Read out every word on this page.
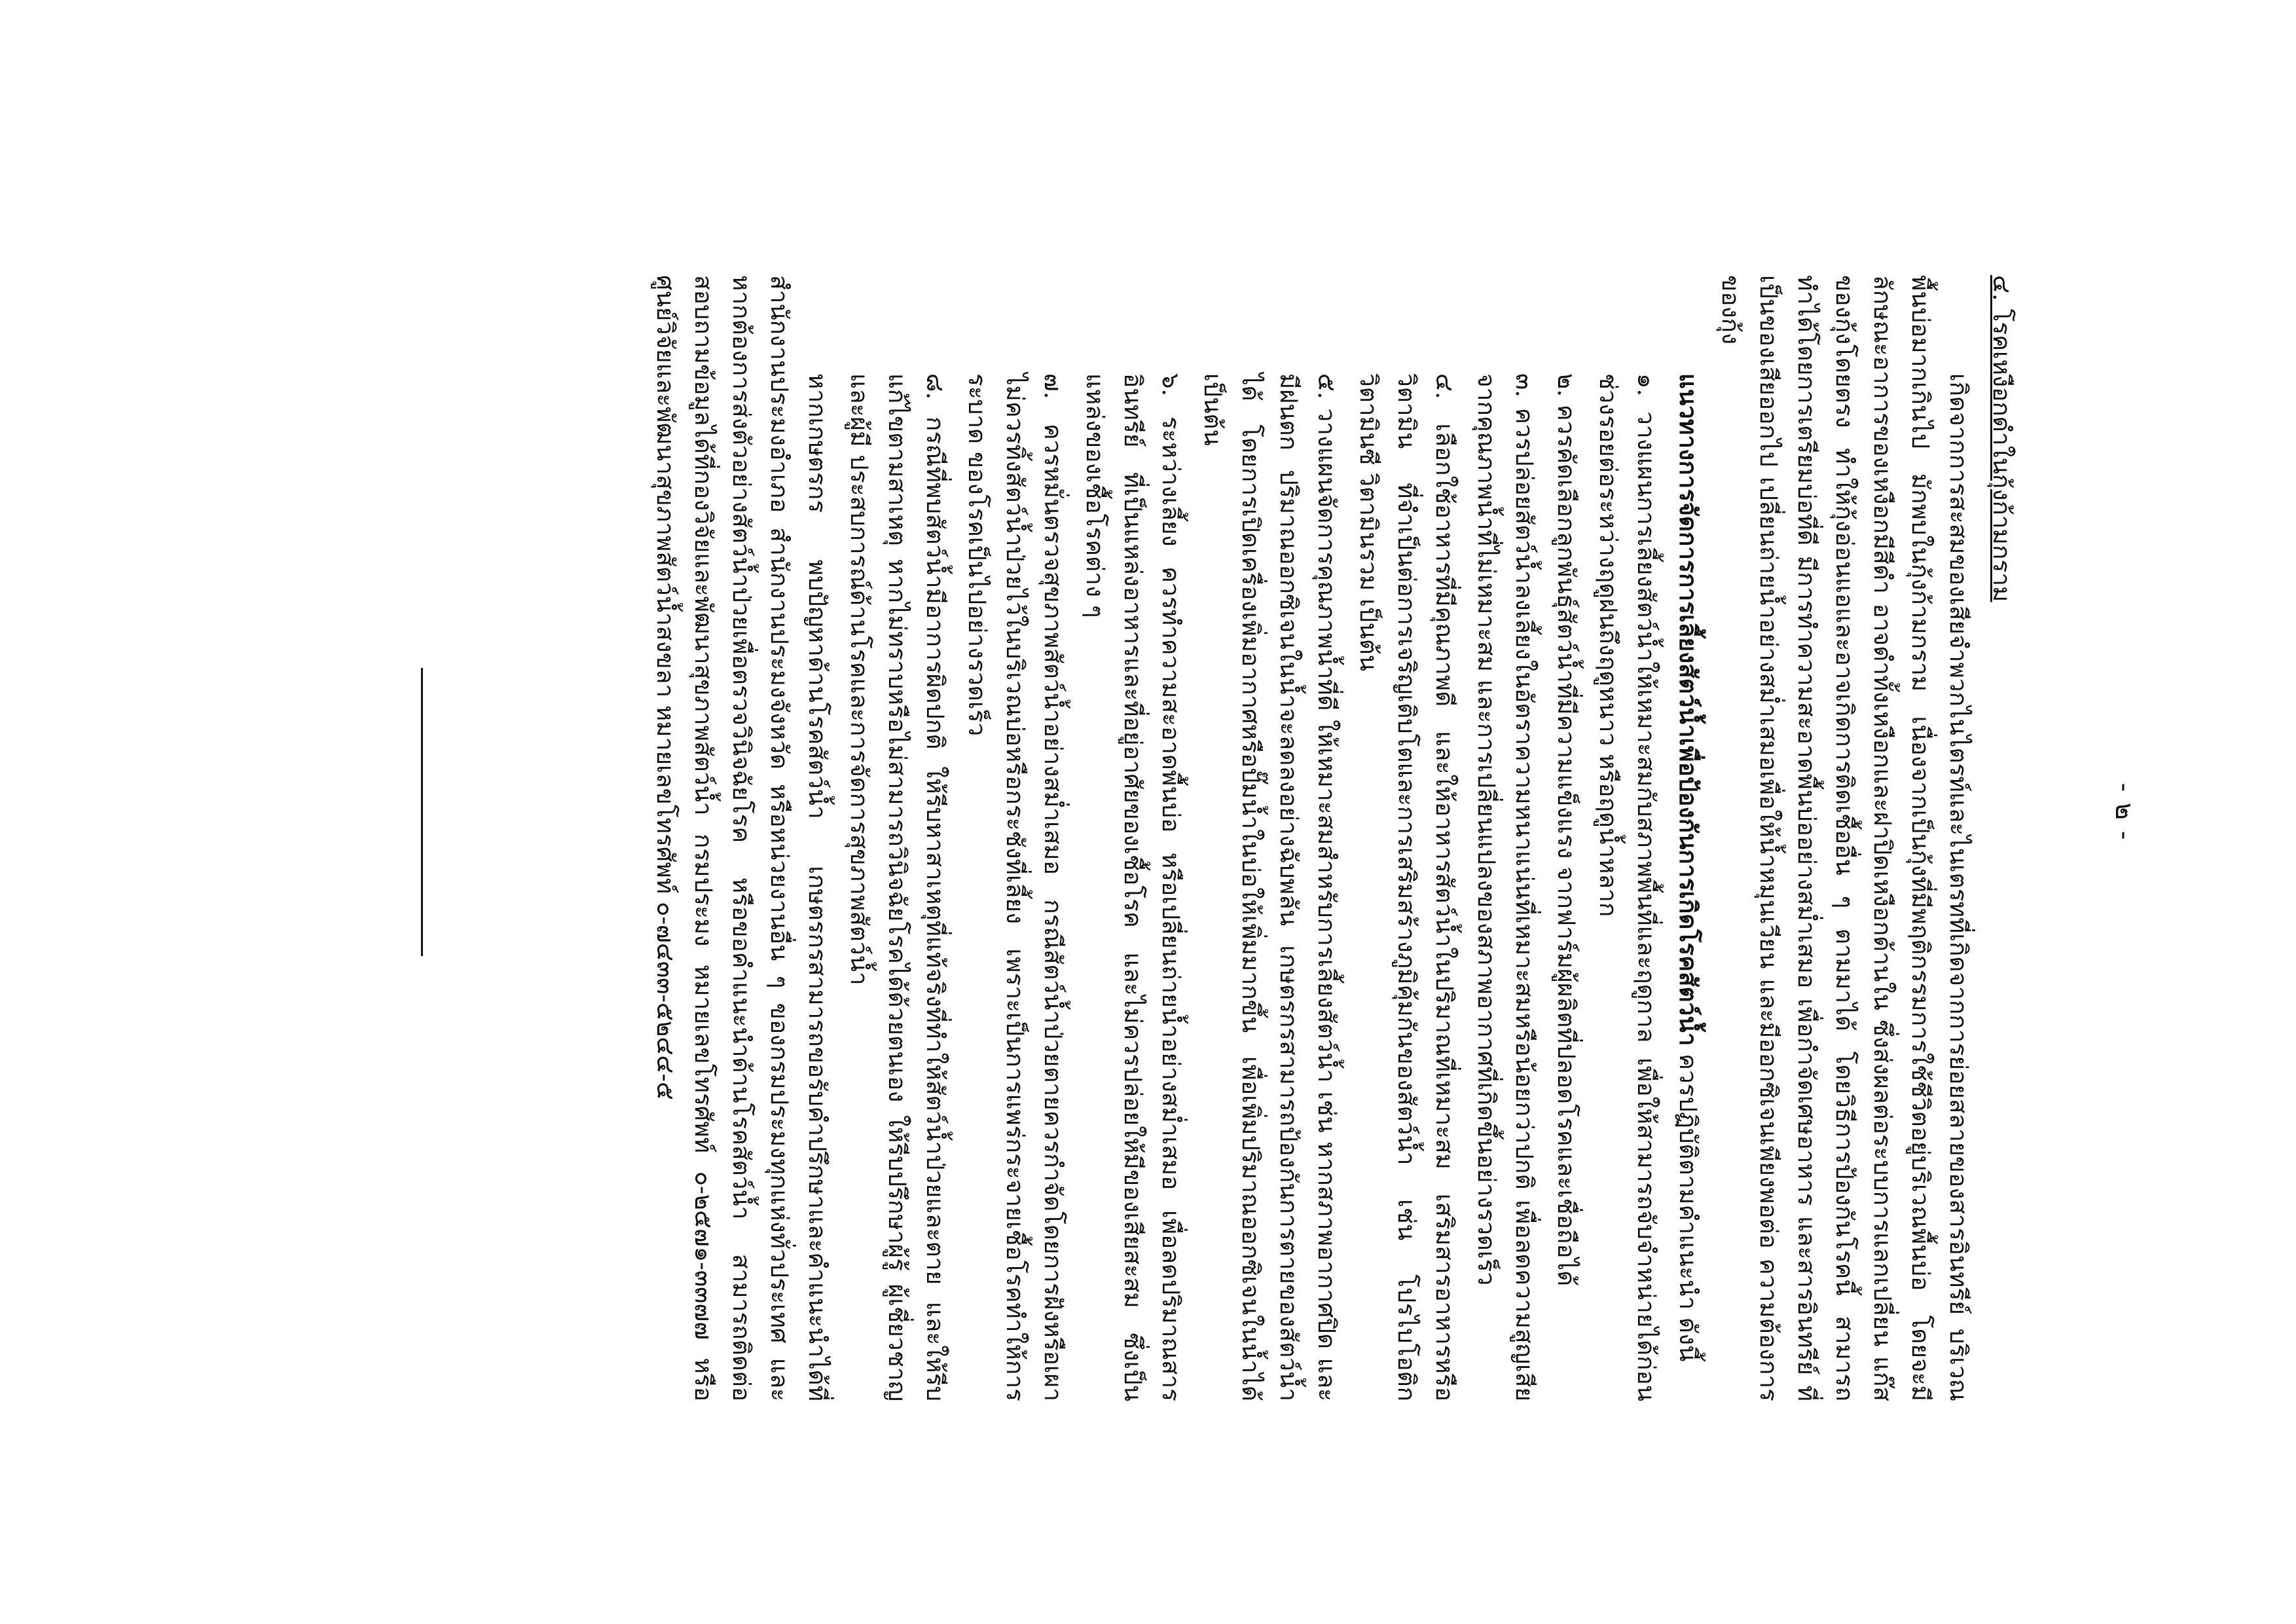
- ๒ -

๔. โรคเหงือกดำในกุ้งก้ามกราม

เกิดจากการสะสมของเสียจำพวกไนไตรท์และไนเตรทที่เกิดจากการย่อยสลายของสารอินทรีย์ บริเวณพื้นบ่อมากเกินไป มักพบในกุ้งก้ามกราม เนื่องจากเป็นกุ้งที่มีพฤติกรรมการใช้ชีวิตอยู่บริเวณพื้นบ่อ โดยจะมีลักษณะอาการของเหงือกมีสีดำ อาจดำทั้งเหงือกและฝาปิดเหงือกด้านใน ซึ่งส่งผลต่อระบบการแลกเปลี่ยน แก๊สของกุ้งโดยตรง ทำให้กุ้งอ่อนแอและอาจเกิดการติดเชื้ออื่น ๆ ตามมาได้ โดยวิธีการป้องกันโรคนี้ สามารถ ทำได้โดยการเตรียมบ่อที่ดี มีการทำความสะอาดพื้นบ่ออย่างสม่ำเสมอ เพื่อกำจัดเศษอาหาร และสารอินทรีย์ ที่เป็นของเสียออกไป เปลี่ยนถ่ายน้ำอย่างสม่ำเสมอเพื่อให้น้ำหมุนเวียน และมีออกซิเจนเพียงพอต่อ ความต้องการของกุ้ง

แนวทางการจัดการการเลี้ยงสัตว์น้ำเพื่อป้องกันการเกิดโรคสัตว์น้ำ ควรปฏิบัติตามคำแนะนำ ดังนี้

๑. วางแผนการเลี้ยงสัตว์น้ำให้เหมาะสมกับสภาพพื้นที่และฤดูกาล เพื่อให้สามารถจับจำหน่ายได้ก่อน ช่วงรอยต่อระหว่างฤดูฝนถึงฤดูหนาว หรือฤดูน้ำหลาก

๒. ควรคัดเลือกลูกพันธุ์สัตว์น้ำที่มีความแข็งแรง จากฟาร์มผู้ผลิตที่ปลอดโรคและเชื่อถือได้

๓. ควรปล่อยสัตว์น้ำลงเลี้ยงในอัตราความหนาแน่นที่เหมาะสมหรือน้อยกว่าปกติ เพื่อลดความสูญเสีย จากคุณภาพน้ำที่ไม่เหมาะสม และการเปลี่ยนแปลงของสภาพอากาศที่เกิดขึ้นอย่างรวดเร็ว

๔. เลือกใช้อาหารที่มีคุณภาพดี และให้อาหารสัตว์น้ำในปริมาณที่เหมาะสม เสริมสารอาหารหรือวิตามิน ที่จำเป็นต่อการเจริญเติบโตและการเสริมสร้างภูมิคุ้มกันของสัตว์น้ำ เช่น โปรไบโอติก วิตามินซี วิตามินรวม เป็นต้น

๕. วางแผนจัดการคุณภาพน้ำที่ดี ให้เหมาะสมสำหรับการเลี้ยงสัตว์น้ำ เช่น หากสภาพอากาศปิด และมีฝนตก ปริมาณออกซิเจนในน้ำจะลดลงอย่างฉับพลัน เกษตรกรสามารถป้องกันการตายของสัตว์น้ำได้ โดยการเปิดเครื่องเพิ่มอากาศหรือปั๊มน้ำในบ่อให้เพิ่มมากขึ้น เพื่อเพิ่มปริมาณออกซิเจนในน้ำได้ เป็นต้น

๖. ระหว่างเลี้ยง ควรทำความสะอาดพื้นบ่อ หรือเปลี่ยนถ่ายน้ำอย่างสม่ำเสมอ เพื่อลดปริมาณสารอินทรีย์ ที่เป็นแหล่งอาหารและที่อยู่อาศัยของเชื้อโรค และไม่ควรปล่อยให้มีของเสียสะสม ซึ่งเป็นแหล่งของเชื้อโรคต่าง ๆ

๗. ควรหมั่นตรวจสุขภาพสัตว์น้ำอย่างสม่ำเสมอ กรณีสัตว์น้ำป่วยตายควรกำจัดโดยการฝังหรือเผา ไม่ควรทิ้งสัตว์น้ำป่วยไว้ในบริเวณบ่อหรือกระชังที่เลี้ยง เพราะเป็นการแพร่กระจายเชื้อโรคทำให้การระบาด ของโรคเป็นไปอย่างรวดเร็ว

๘. กรณีที่พบสัตว์น้ำมีอาการผิดปกติ ให้รีบหาสาเหตุที่แท้จริงที่ทำให้สัตว์น้ำป่วยและตาย และให้รีบ แก้ไขตามสาเหตุ หากไม่ทราบหรือไม่สามารถวินิจฉัยโรคได้ด้วยตนเอง ให้รีบปรึกษาผู้รู้ ผู้เชี่ยวชาญและผู้มี ประสบการณ์ด้านโรคและการจัดการสุขภาพสัตว์น้ำ

หากเกษตรกร พบปัญหาด้านโรคสัตว์น้ำ เกษตรกรสามารถขอรับคำปรึกษาและคำแนะนำได้ที่ สำนักงานประมงอำเภอ สำนักงานประมงจังหวัด หรือหน่วยงานอื่น ๆ ของกรมประมงทุกแห่งทั่วประเทศ และหากต้องการส่งตัวอย่างสัตว์น้ำป่วยเพื่อตรวจวินิจฉัยโรค หรือขอคำแนะนำด้านโรคสัตว์น้ำ สามารถติดต่อ สอบถามข้อมูลได้ที่กองวิจัยและพัฒนาสุขภาพสัตว์น้ำ กรมประมง หมายเลขโทรศัพท์ ๐-๒๕๗๑-๓๓๗๗ หรือศูนย์วิจัยและพัฒนาสุขภาพสัตว์น้ำสงขลา หมายเลขโทรศัพท์ ๐-๗๔๓๓-๕๒๔๔-๕
